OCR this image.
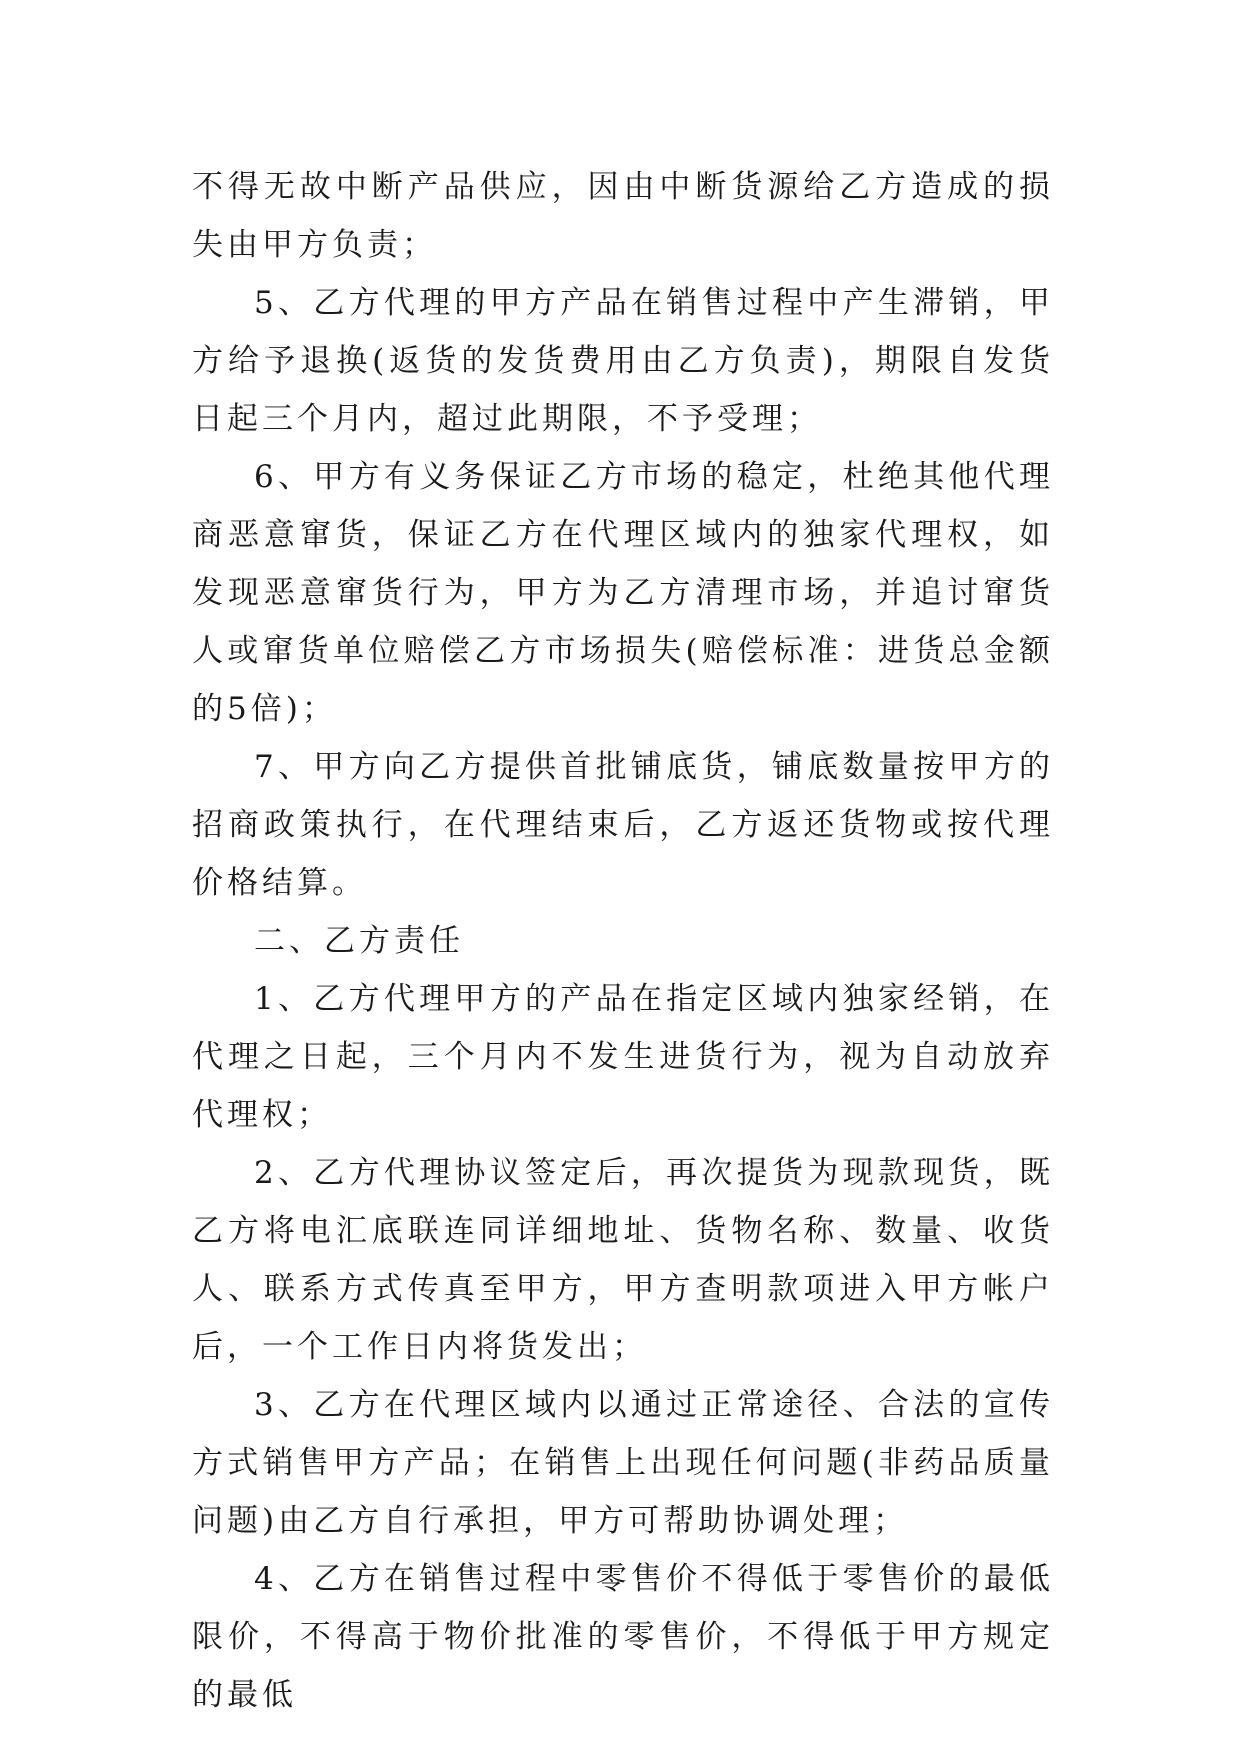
不得无故中断产品供应，因由中断货源给乙方造成的损失由甲方负责；

5、乙方代理的甲方产品在销售过程中产生滞销，甲方给予退换(返货的发货费用由乙方负责)，期限自发货日起三个月内，超过此期限，不予受理；

6、甲方有义务保证乙方市场的稳定，杜绝其他代理商恶意窜货，保证乙方在代理区域内的独家代理权，如发现恶意窜货行为，甲方为乙方清理市场，并追讨窜货人或窜货单位赔偿乙方市场损失(赔偿标准：进货总金额的5倍)；

7、甲方向乙方提供首批铺底货，铺底数量按甲方的招商政策执行，在代理结束后，乙方返还货物或按代理价格结算。

二、乙方责任

1、乙方代理甲方的产品在指定区域内独家经销，在代理之日起，三个月内不发生进货行为，视为自动放弃代理权；

2、乙方代理协议签定后，再次提货为现款现货，既乙方将电汇底联连同详细地址、货物名称、数量、收货人、联系方式传真至甲方，甲方查明款项进入甲方帐户后，一个工作日内将货发出；

3、乙方在代理区域内以通过正常途径、合法的宣传方式销售甲方产品；在销售上出现任何问题(非药品质量问题)由乙方自行承担，甲方可帮助协调处理；

4、乙方在销售过程中零售价不得低于零售价的最低限价，不得高于物价批准的零售价，不得低于甲方规定的最低
